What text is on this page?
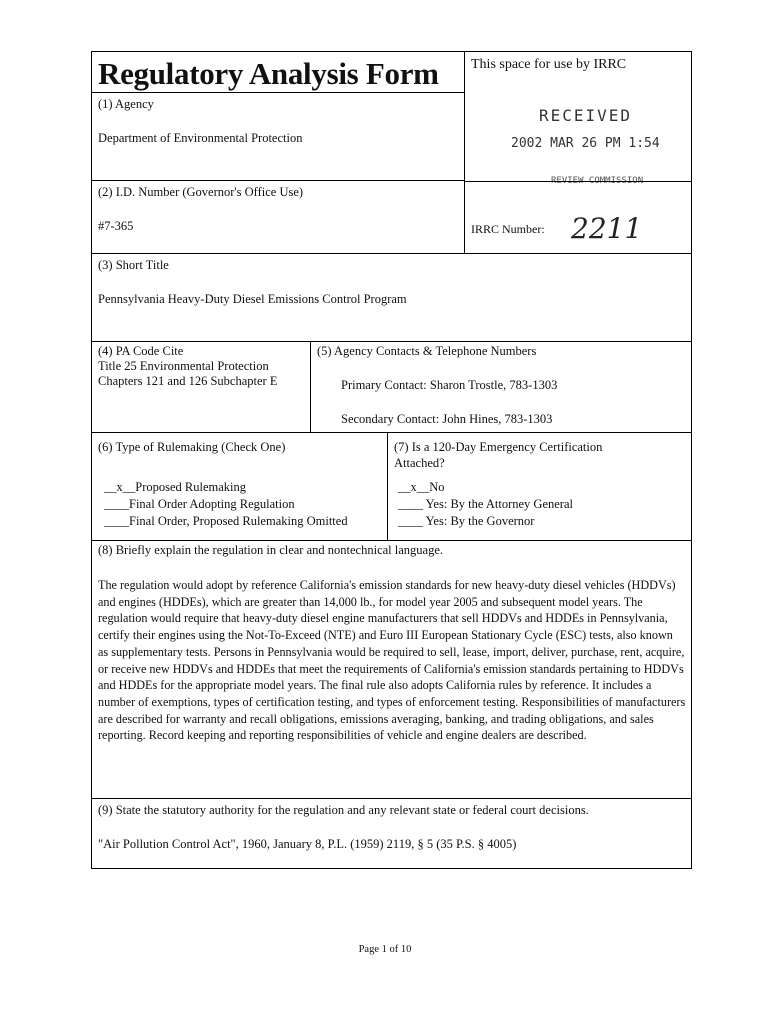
Regulatory Analysis Form This space for use by IRRC
RECEIVED
2002 MAR 26 PM 1:54
REVIEW COMMISSION
IRRC Number: 2211
(1) Agency
Department of Environmental Protection
(2) I.D. Number (Governor's Office Use)
#7-365
(3) Short Title
Pennsylvania Heavy-Duty Diesel Emissions Control Program
(4) PA Code Cite
Title 25 Environmental Protection
Chapters 121 and 126 Subchapter E
(5) Agency Contacts & Telephone Numbers
Primary Contact: Sharon Trostle, 783-1303
Secondary Contact: John Hines, 783-1303
(6) Type of Rulemaking (Check One)
__x__Proposed Rulemaking
____Final Order Adopting Regulation
____Final Order, Proposed Rulemaking Omitted
(7) Is a 120-Day Emergency Certification
Attached?
__x__No
____ Yes: By the Attorney General
____ Yes: By the Governor
(8) Briefly explain the regulation in clear and nontechnical language.
The regulation would adopt by reference California's emission standards for new heavy-duty diesel vehicles (HDDVs) and engines (HDDEs), which are greater than 14,000 lb., for model year 2005 and subsequent model years. The regulation would require that heavy-duty diesel engine manufacturers that sell HDDVs and HDDEs in Pennsylvania, certify their engines using the Not-To-Exceed (NTE) and Euro III European Stationary Cycle (ESC) tests, also known as supplementary tests. Persons in Pennsylvania would be required to sell, lease, import, deliver, purchase, rent, acquire, or receive new HDDVs and HDDEs that meet the requirements of California's emission standards pertaining to HDDVs and HDDEs for the appropriate model years. The final rule also adopts California rules by reference. It includes a number of exemptions, types of certification testing, and types of enforcement testing. Responsibilities of manufacturers are described for warranty and recall obligations, emissions averaging, banking, and trading obligations, and sales reporting. Record keeping and reporting responsibilities of vehicle and engine dealers are described.
(9) State the statutory authority for the regulation and any relevant state or federal court decisions.
"Air Pollution Control Act", 1960, January 8, P.L. (1959) 2119, § 5 (35 P.S. § 4005)
Page 1 of 10
